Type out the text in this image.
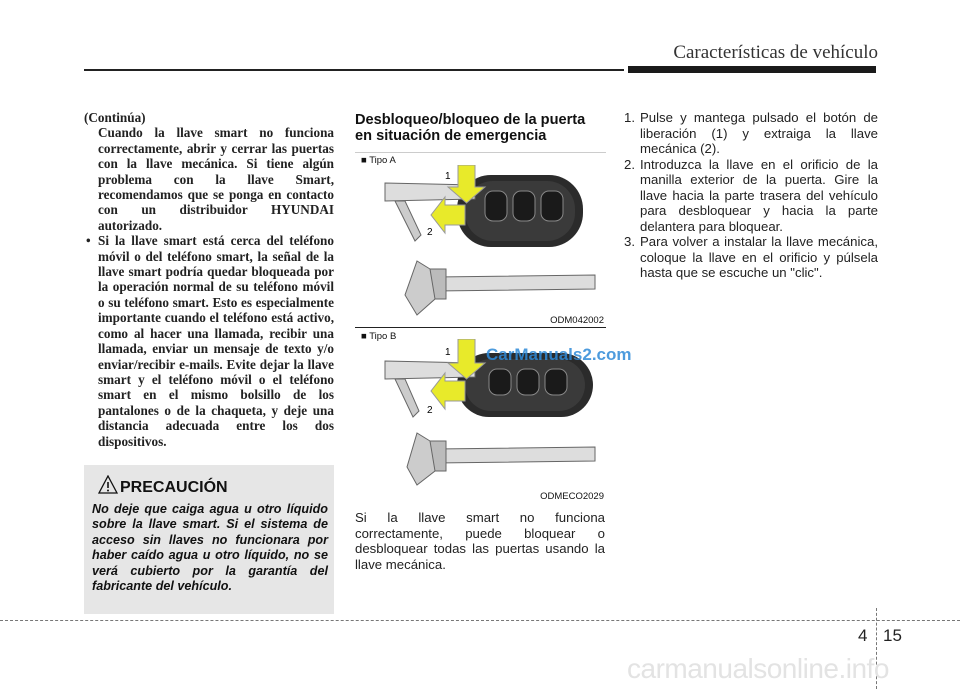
Características de vehículo

(Continúa)

Cuando la llave smart no funciona correctamente, abrir y cerrar las puertas con la llave mecánica. Si tiene algún problema con la llave Smart, recomendamos que se ponga en contacto con un distribuidor HYUNDAI autorizado.

• Si la llave smart está cerca del teléfono móvil o del teléfono smart, la señal de la llave smart podría quedar bloqueada por la operación normal de su teléfono móvil o su teléfono smart. Esto es especialmente importante cuando el teléfono está activo, como al hacer una llamada, recibir una llamada, enviar un mensaje de texto y/o enviar/recibir e-mails. Evite dejar la llave smart y el teléfono móvil o el teléfono smart en el mismo bolsillo de los pantalones o de la chaqueta, y deje una distancia adecuada entre los dos dispositivos.

PRECAUCIÓN
No deje que caiga agua u otro líquido sobre la llave smart. Si el sistema de acceso sin llaves no funcionara por haber caído agua u otro líquido, no se verá cubierto por la garantía del fabricante del vehículo.
Desbloqueo/bloqueo de la puerta en situación de emergencia
■ Tipo A
1
2
ODM042002
■ Tipo B
1
2
ODMECO2029
CarManuals2.com

Si la llave smart no funciona correctamente, puede bloquear o desbloquear todas las puertas usando la llave mecánica.

1. Pulse y mantega pulsado el botón de liberación (1) y extraiga la llave mecánica (2).
2. Introduzca la llave en el orificio de la manilla exterior de la puerta. Gire la llave hacia la parte trasera del vehículo para desbloquear y hacia la parte delantera para bloquear.
3. Para volver a instalar la llave mecánica, coloque la llave en el orificio y púlsela hasta que se escuche un "clic".
4 15
carmanualsonline.info
